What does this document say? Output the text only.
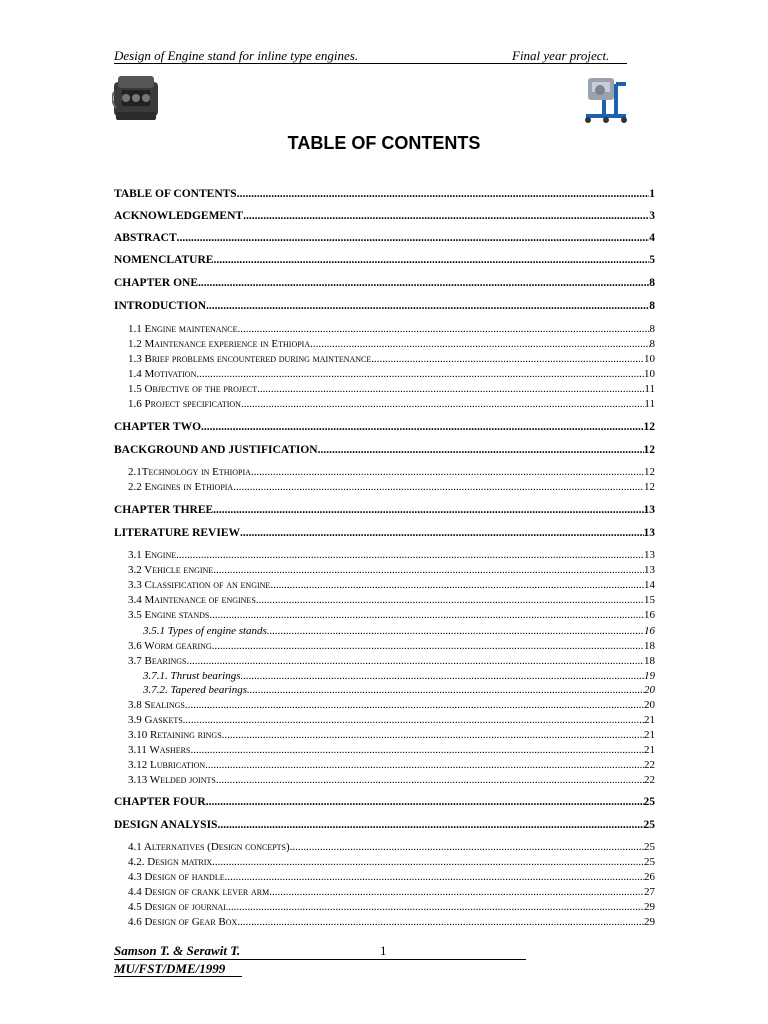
Design of Engine stand for inline type engines.	Final year project.
TABLE OF CONTENTS
TABLE OF CONTENTS .....	1
ACKNOWLEDGEMENT .....	3
ABSTRACT .....	4
NOMENCLATURE .....	5
CHAPTER ONE .....	8
INTRODUCTION .....	8
1.1 Engine maintenance .....	8
1.2 Maintenance experience in Ethiopia .....	8
1.3 Brief problems encountered during maintenance .....	10
1.4 Motivation .....	10
1.5 Objective of the project .....	11
1.6 Project specification .....	11
CHAPTER TWO .....	12
BACKGROUND AND JUSTIFICATION .....	12
2.1Technology in Ethiopia .....	12
2.2 Engines in Ethiopia .....	12
CHAPTER THREE .....	13
LITERATURE REVIEW .....	13
3.1 Engine .....	13
3.2 Vehicle engine .....	13
3.3 Classification of an engine .....	14
3.4 Maintenance of engines .....	15
3.5 Engine stands .....	16
3.5.1 Types of engine stands .....	16
3.6 Worm gearing .....	18
3.7 Bearings .....	18
3.7.1. Thrust bearings .....	19
3.7.2. Tapered bearings .....	20
3.8 Sealings .....	20
3.9 Gaskets .....	21
3.10 Retaining rings .....	21
3.11 Washers .....	21
3.12 Lubrication .....	22
3.13 Welded joints .....	22
CHAPTER FOUR .....	25
DESIGN ANALYSIS .....	25
4.1 Alternatives (Design concepts) .....	25
4.2. Design matrix .....	25
4.3 Design of handle .....	26
4.4 Design of crank lever arm .....	27
4.5 Design of journal .....	29
4.6 Design of Gear Box .....	29
Samson T. & Serawit T.	1
MU/FST/DME/1999
